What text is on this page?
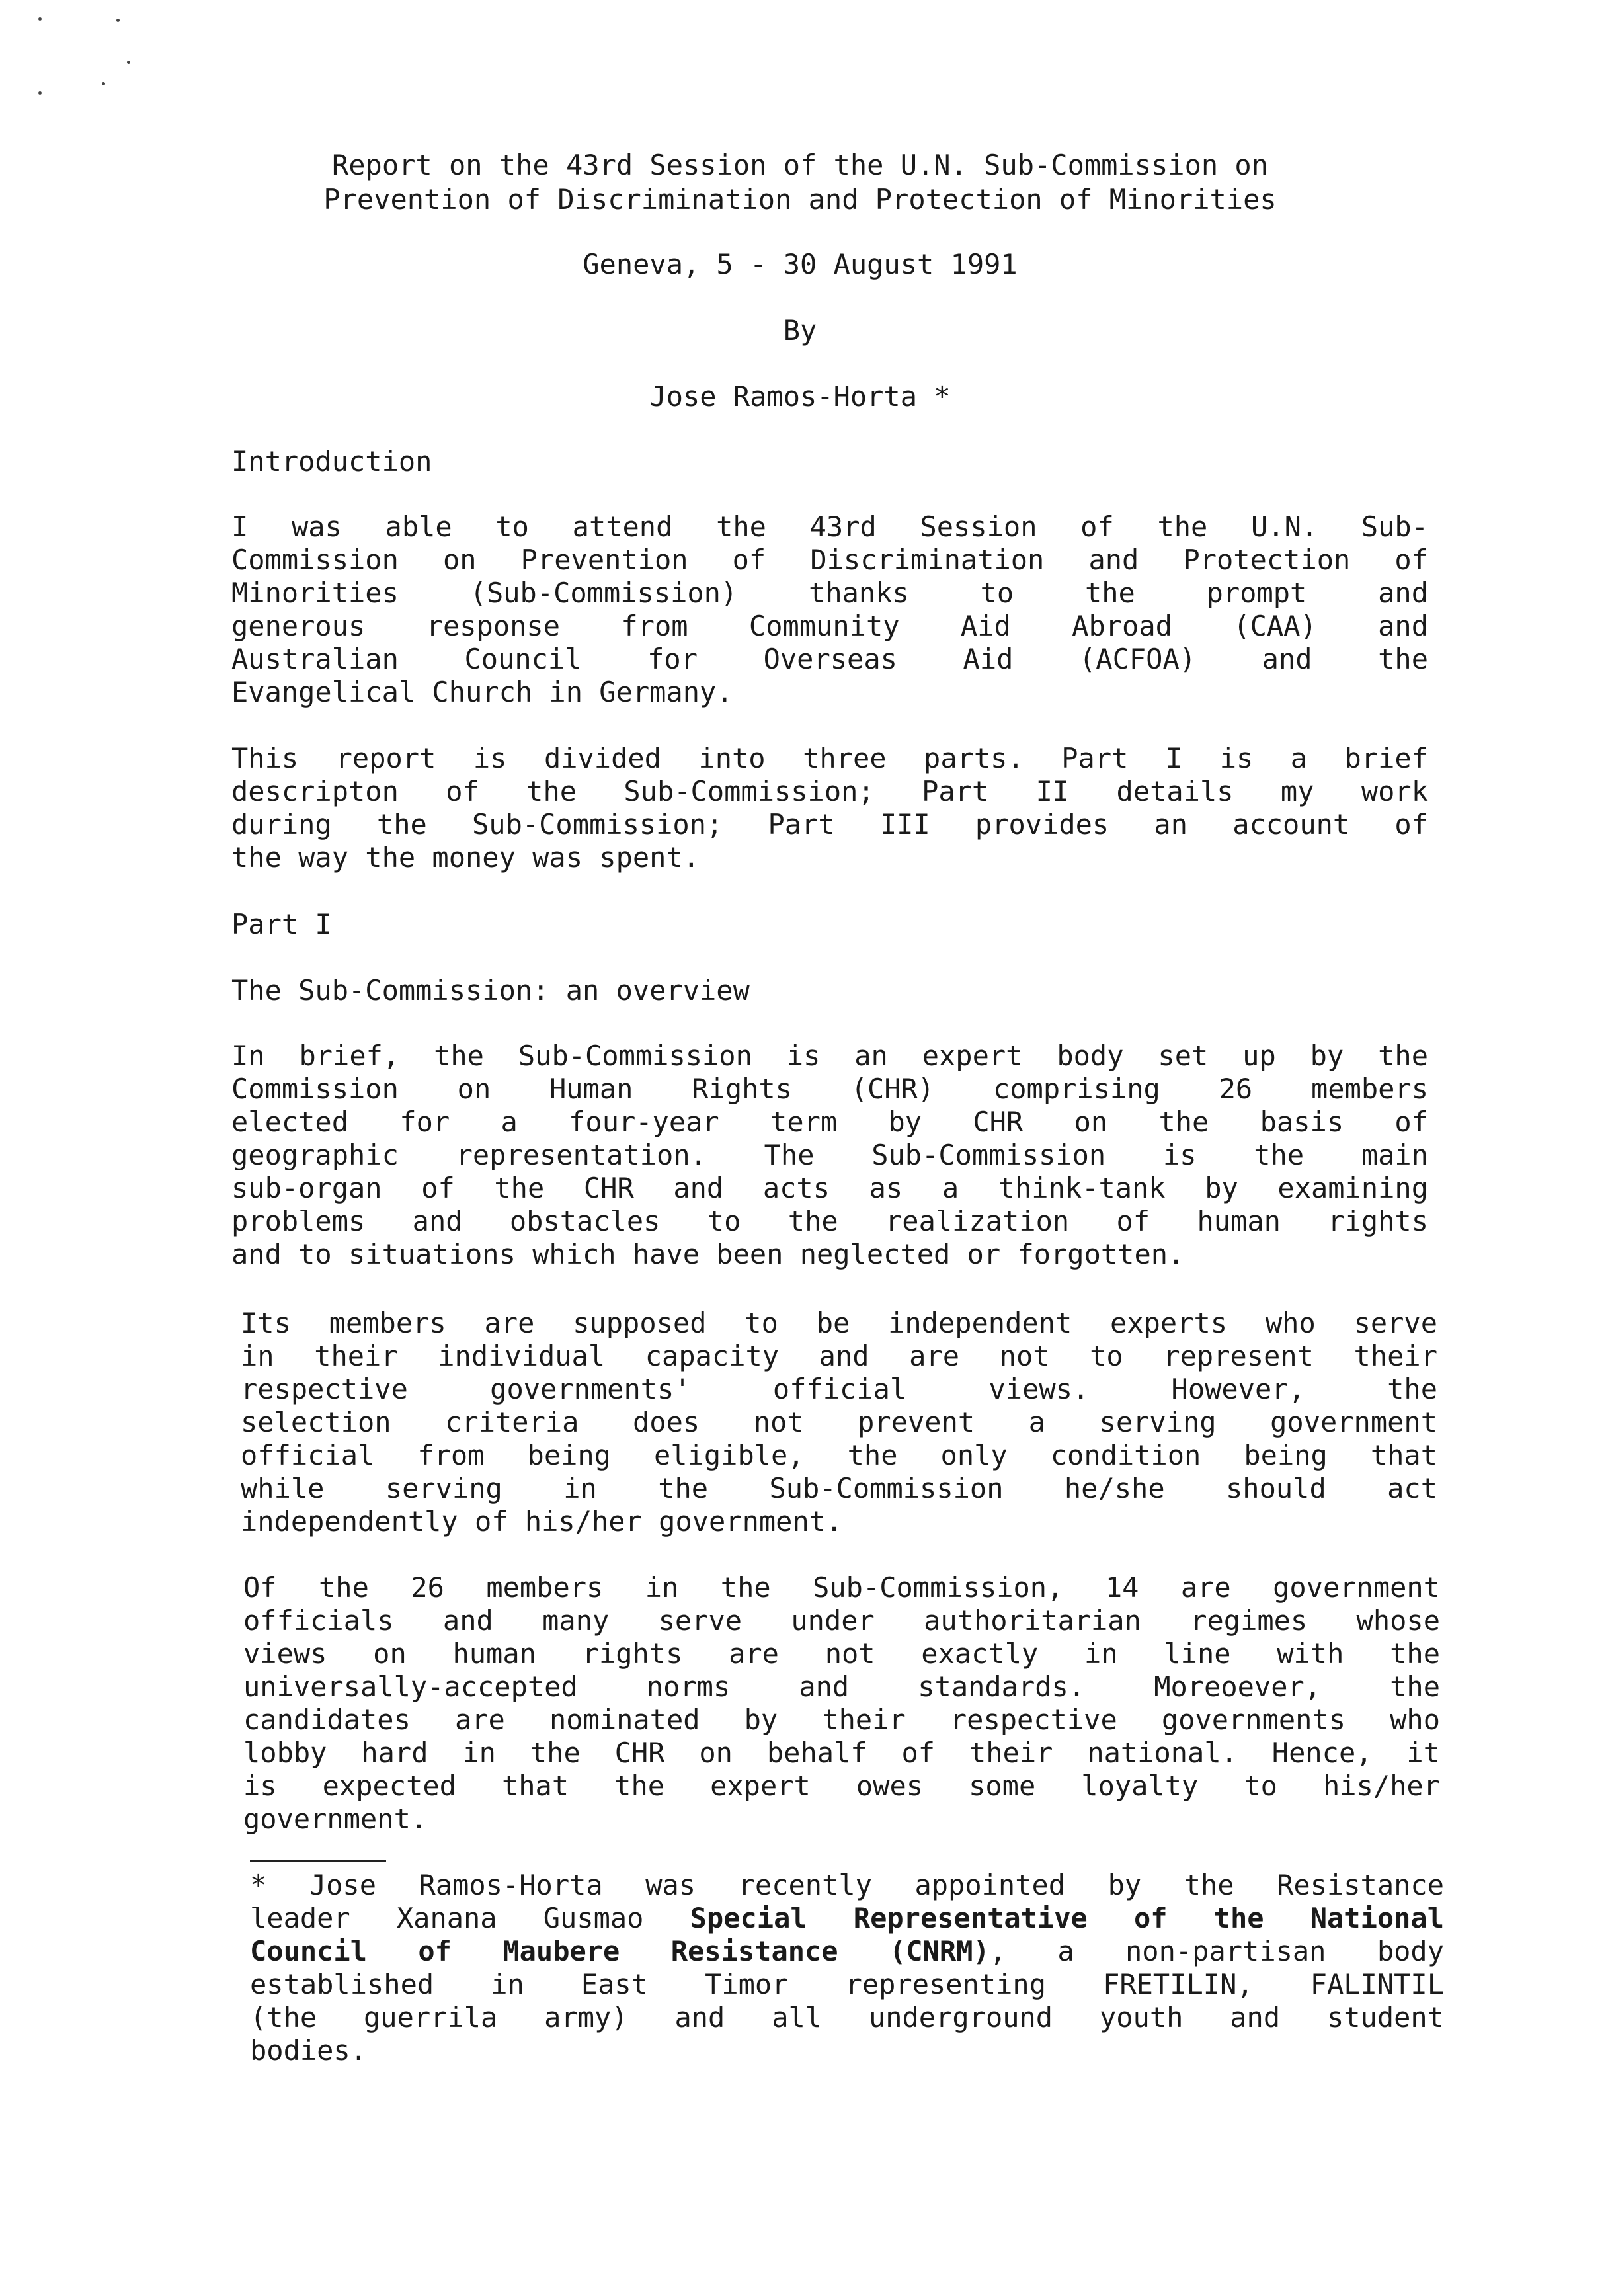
Report on the 43rd Session of the U.N. Sub-Commission on
Prevention of Discrimination and Protection of Minorities
Geneva, 5 - 30 August 1991
By
Jose Ramos-Horta *
Introduction
I was able to attend the 43rd Session of the U.N. Sub-
Commission on Prevention of Discrimination and Protection of
Minorities (Sub-Commission) thanks to the prompt and
generous response from Community Aid Abroad (CAA) and
Australian Council for Overseas Aid (ACFOA) and the
Evangelical Church in Germany.
This report is divided into three parts. Part I is a brief
descripton of the Sub-Commission; Part II details my work
during the Sub-Commission; Part III provides an account of
the way the money was spent.
Part I
The Sub-Commission: an overview
In brief, the Sub-Commission is an expert body set up by the
Commission on Human Rights (CHR) comprising 26 members
elected for a four-year term by CHR on the basis of
geographic representation. The Sub-Commission is the main
sub-organ of the CHR and acts as a think-tank by examining
problems and obstacles to the realization of human rights
and to situations which have been neglected or forgotten.
Its members are supposed to be independent experts who serve
in their individual capacity and are not to represent their
respective governments' official views. However, the
selection criteria does not prevent a serving government
official from being eligible, the only condition being that
while serving in the Sub-Commission he/she should act
independently of his/her government.
Of the 26 members in the Sub-Commission, 14 are government
officials and many serve under authoritarian regimes whose
views on human rights are not exactly in line with the
universally-accepted norms and standards. Moreoever, the
candidates are nominated by their respective governments who
lobby hard in the CHR on behalf of their national. Hence, it
is expected that the expert owes some loyalty to his/her
government.
* Jose Ramos-Horta was recently appointed by the Resistance
leader Xanana Gusmao Special Representative of the National
Council of Maubere Resistance (CNRM), a non-partisan body
established in East Timor representing FRETILIN, FALINTIL
(the guerrila army) and all underground youth and student
bodies.
